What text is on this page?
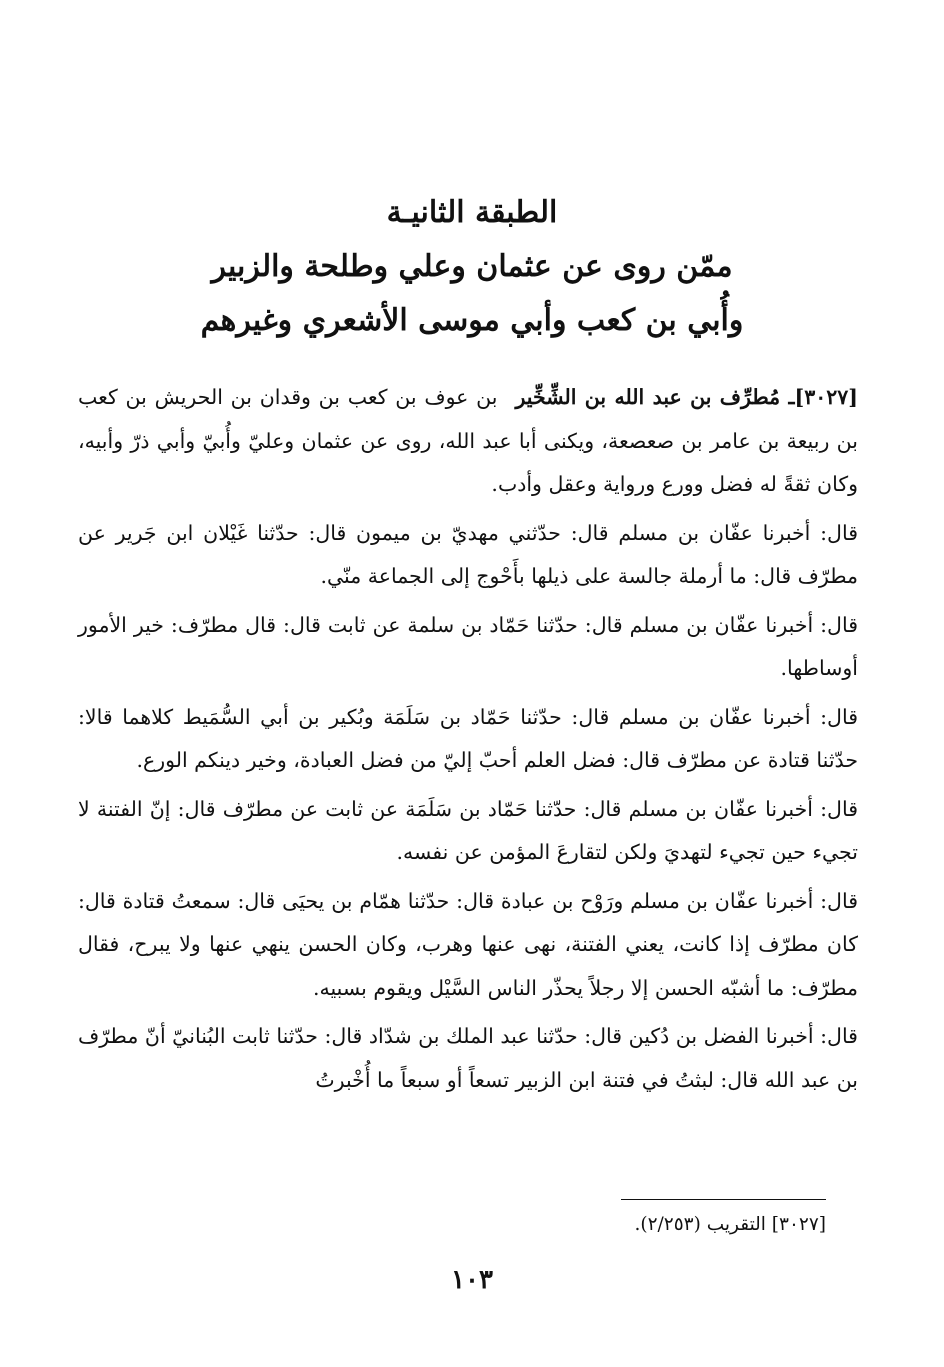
الطبقة الثانيـة
ممّن روى عن عثمان وعلي وطلحة والزبير
وأُبي بن كعب وأبي موسى الأشعري وغيرهم

[٣٠٢٧]ـ مُطرِّف بن عبد الله بن الشِّخِّيربن عوف بن كعب بن وقدان بن الحريش بن كعب بن ربيعة بن عامر بن صعصعة، ويكنى أبا عبد الله، روى عن عثمان وعليّ وأُبيّ وأبي ذرّ وأبيه، وكان ثقةً له فضل وورع ورواية وعقل وأدب.

قال: أخبرنا عفّان بن مسلم قال: حدّثني مهديّ بن ميمون قال: حدّثنا غَيْلان ابن جَرير عن مطرّف قال: ما أرملة جالسة على ذيلها بأَحْوج إلى الجماعة منّي.

قال: أخبرنا عفّان بن مسلم قال: حدّثنا حَمّاد بن سلمة عن ثابت قال: قال مطرّف: خير الأمور أوساطها.

قال: أخبرنا عفّان بن مسلم قال: حدّثنا حَمّاد بن سَلَمَة وبُكير بن أبي السُّمَيط كلاهما قالا: حدّثنا قتادة عن مطرّف قال: فضل العلم أحبّ إليّ من فضل العبادة، وخير دينكم الورع.

قال: أخبرنا عفّان بن مسلم قال: حدّثنا حَمّاد بن سَلَمَة عن ثابت عن مطرّف قال: إنّ الفتنة لا تجيء حين تجيء لتهديَ ولكن لتقارعَ المؤمن عن نفسه.

قال: أخبرنا عفّان بن مسلم ورَوْح بن عبادة قال: حدّثنا همّام بن يحيَى قال: سمعتُ قتادة قال: كان مطرّف إذا كانت، يعني الفتنة، نهى عنها وهرب، وكان الحسن ينهي عنها ولا يبرح، فقال مطرّف: ما أشبّه الحسن إلا رجلاً يحذّر الناس السَّيْل ويقوم بسبيه.

قال: أخبرنا الفضل بن دُكين قال: حدّثنا عبد الملك بن شدّاد قال: حدّثنا ثابت البُنانيّ أنّ مطرّف بن عبد الله قال: لبثتُ في فتنة ابن الزبير تسعاً أو سبعاً ما أُخْبرتُ

[٣٠٢٧] التقريب (٢/٢٥٣).
١٠٣
